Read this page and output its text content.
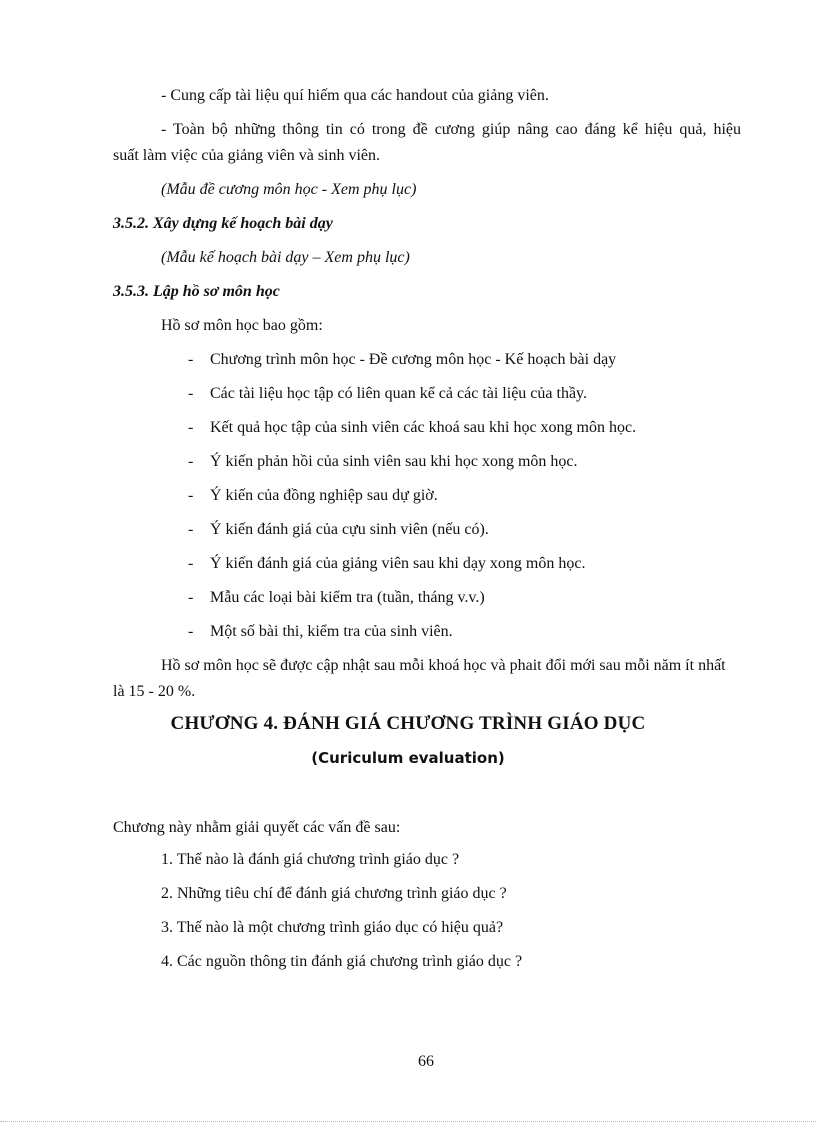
- Cung cấp tài liệu quí hiếm qua các handout của giảng viên.
- Toàn bộ những thông tin có trong đề cương giúp nâng cao đáng kể hiệu quả, hiệu
suất làm việc của giảng viên và sinh viên.
(Mẫu đề cương môn học - Xem phụ lục)
3.5.2. Xây dựng kế hoạch bài dạy
(Mẫu kế hoạch bài dạy – Xem phụ lục)
3.5.3. Lập hồ sơ môn học
Hồ sơ môn học bao gồm:
- Chương trình môn học - Đề cương môn học - Kế hoạch bài dạy
- Các tài liệu học tập có liên quan kể cả các tài liệu của thầy.
- Kết quả học tập của sinh viên các khoá sau khi học xong môn học.
- Ý kiến phản hồi của sinh viên sau khi học xong môn học.
- Ý kiến của đồng nghiệp sau dự giờ.
- Ý kiến đánh giá của cựu sinh viên (nếu có).
- Ý kiến đánh giá của giảng viên sau khi dạy xong môn học.
- Mẫu các loại bài kiểm tra (tuần, tháng v.v.)
- Một số bài thi, kiểm tra của sinh viên.
Hồ sơ môn học sẽ được cập nhật sau mỗi khoá học và phait đổi mới sau mỗi năm ít nhất
là 15 - 20 %.
CHƯƠNG 4. ĐÁNH GIÁ CHƯƠNG TRÌNH GIÁO DỤC
(Curiculum evaluation)
Chương này nhằm giải quyết các vấn đề sau:
1. Thế nào là đánh giá chương trình giáo dục ?
2. Những tiêu chí để đánh giá chương trình giáo dục ?
3. Thế nào là một chương trình giáo dục có hiệu quả?
4. Các nguồn thông tin đánh giá chương trình giáo dục ?
66
